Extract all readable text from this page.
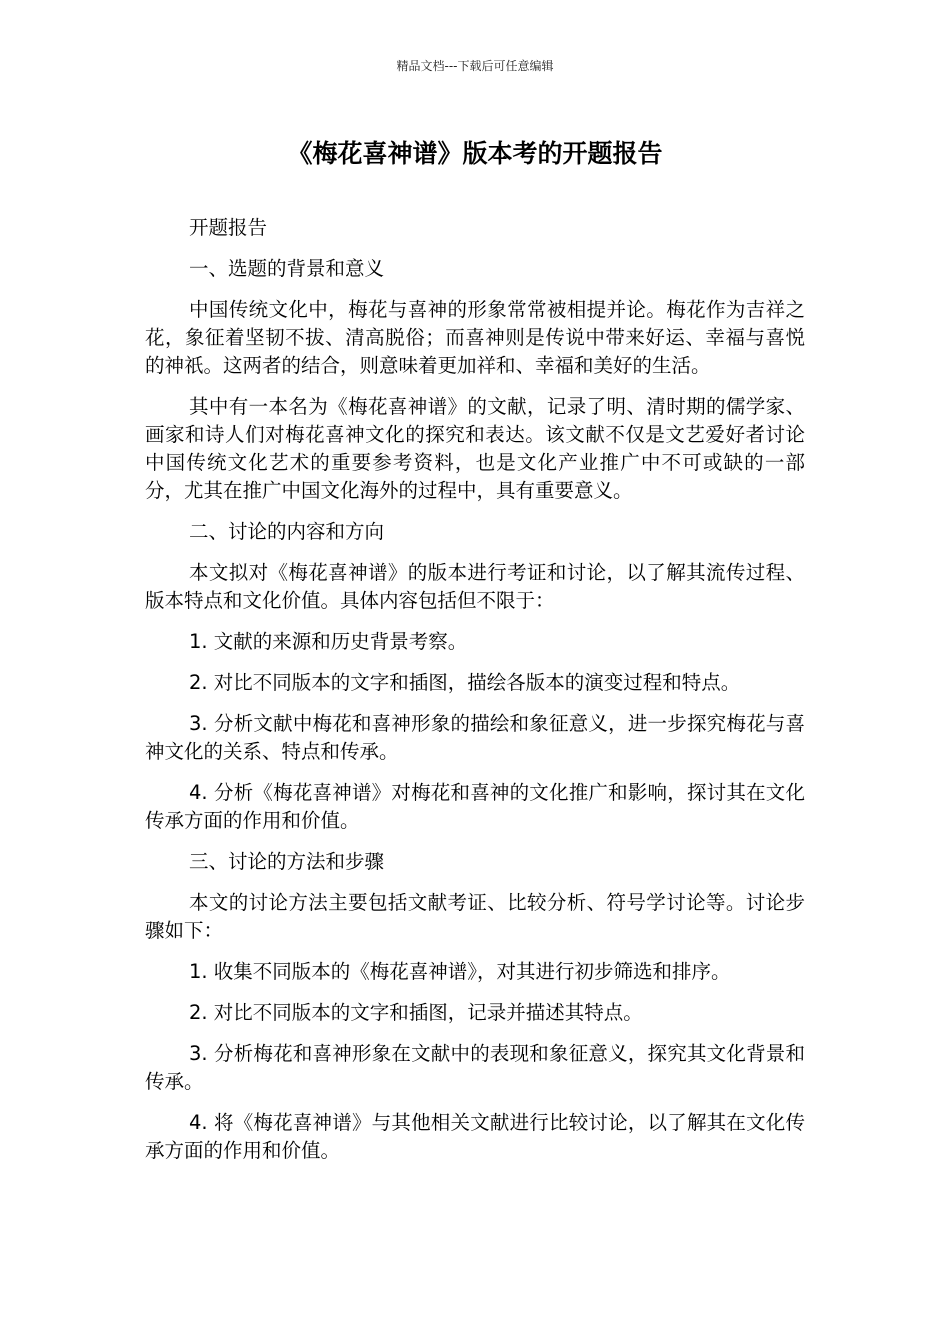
精品文档---下载后可任意编辑
《梅花喜神谱》版本考的开题报告

开题报告

一、选题的背景和意义

中国传统文化中，梅花与喜神的形象常常被相提并论。梅花作为吉祥之花，象征着坚韧不拔、清高脱俗；而喜神则是传说中带来好运、幸福与喜悦的神祇。这两者的结合，则意味着更加祥和、幸福和美好的生活。

其中有一本名为《梅花喜神谱》的文献，记录了明、清时期的儒学家、画家和诗人们对梅花喜神文化的探究和表达。该文献不仅是文艺爱好者讨论中国传统文化艺术的重要参考资料，也是文化产业推广中不可或缺的一部分，尤其在推广中国文化海外的过程中，具有重要意义。

二、讨论的内容和方向

本文拟对《梅花喜神谱》的版本进行考证和讨论，以了解其流传过程、版本特点和文化价值。具体内容包括但不限于：

1. 文献的来源和历史背景考察。

2. 对比不同版本的文字和插图，描绘各版本的演变过程和特点。

3. 分析文献中梅花和喜神形象的描绘和象征意义，进一步探究梅花与喜神文化的关系、特点和传承。

4. 分析《梅花喜神谱》对梅花和喜神的文化推广和影响，探讨其在文化传承方面的作用和价值。

三、讨论的方法和步骤

本文的讨论方法主要包括文献考证、比较分析、符号学讨论等。讨论步骤如下：

1. 收集不同版本的《梅花喜神谱》，对其进行初步筛选和排序。

2. 对比不同版本的文字和插图，记录并描述其特点。

3. 分析梅花和喜神形象在文献中的表现和象征意义，探究其文化背景和传承。

4. 将《梅花喜神谱》与其他相关文献进行比较讨论，以了解其在文化传承方面的作用和价值。
